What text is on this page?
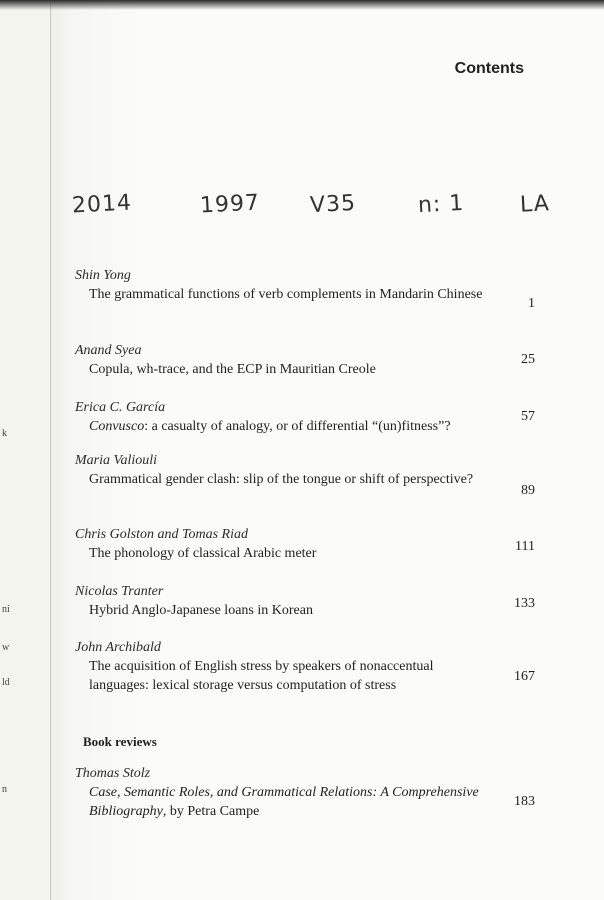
k
ni
w
ld
n
Contents
2014	1997 V35	n: 1 LA
Shin Yong
The grammatical functions of verb complements in Mandarin Chinese
1
Anand Syea
Copula, wh-trace, and the ECP in Mauritian Creole
25
Erica C. García
Convusco: a casualty of analogy, or of differential “(un)fitness”?
57
Maria Valiouli
Grammatical gender clash: slip of the tongue or shift of perspective?
89
Chris Golston and Tomas Riad
The phonology of classical Arabic meter	111
Nicolas Tranter
Hybrid Anglo-Japanese loans in Korean	133
John Archibald
The acquisition of English stress by speakers of nonaccentual languages: lexical storage versus computation of stress
167
Book reviews
Thomas Stolz
Case, Semantic Roles, and Grammatical Relations: A Comprehensive Bibliography, by Petra Campe
183
